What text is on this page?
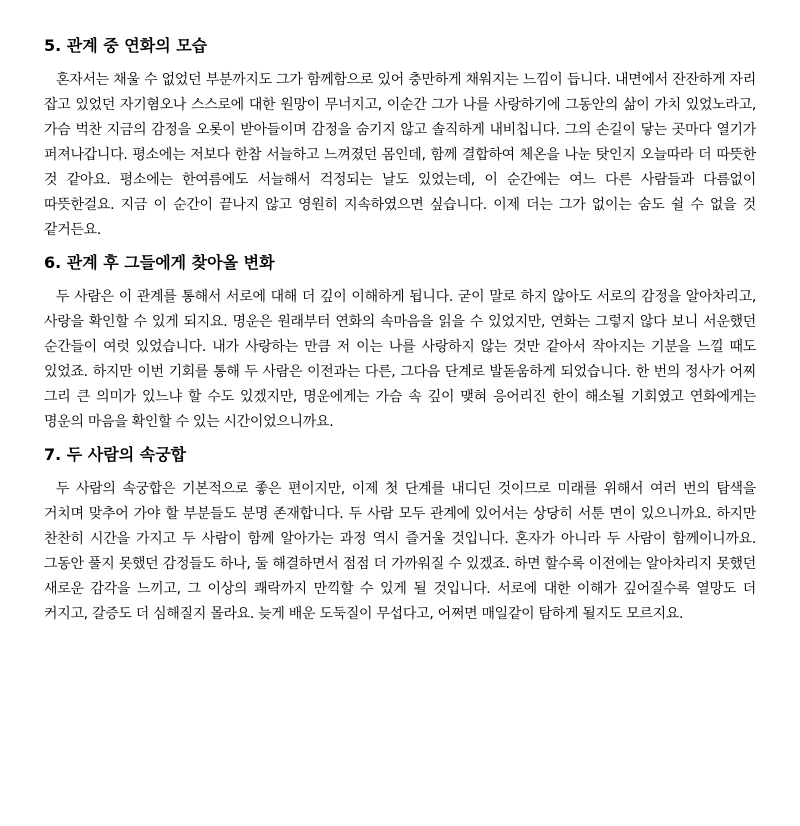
5. 관계 중 연화의 모습

혼자서는 채울 수 없었던 부분까지도 그가 함께함으로 있어 충만하게 채워지는 느낌이 듭니다. 내면에서 잔잔하게 자리 잡고 있었던 자기혐오나 스스로에 대한 원망이 무너지고, 이순간 그가 나를 사랑하기에 그동안의 삶이 가치 있었노라고, 가슴 벅찬 지금의 감정을 오롯이 받아들이며 감정을 숨기지 않고 솔직하게 내비칩니다. 그의 손길이 닿는 곳마다 열기가 퍼져나갑니다. 평소에는 저보다 한참 서늘하고 느껴졌던 몸인데, 함께 결합하여 체온을 나눈 탓인지 오늘따라 더 따뜻한 것 같아요. 평소에는 한여름에도 서늘해서 걱정되는 날도 있었는데, 이 순간에는 여느 다른 사람들과 다름없이 따뜻한걸요. 지금 이 순간이 끝나지 않고 영원히 지속하였으면 싶습니다. 이제 더는 그가 없이는 숨도 쉴 수 없을 것 같거든요.

6. 관계 후 그들에게 찾아올 변화

두 사람은 이 관계를 통해서 서로에 대해 더 깊이 이해하게 됩니다. 굳이 말로 하지 않아도 서로의 감정을 알아차리고, 사랑을 확인할 수 있게 되지요. 명운은 원래부터 연화의 속마음을 읽을 수 있었지만, 연화는 그렇지 않다 보니 서운했던 순간들이 여럿 있었습니다. 내가 사랑하는 만큼 저 이는 나를 사랑하지 않는 것만 같아서 작아지는 기분을 느낄 때도 있었죠. 하지만 이번 기회를 통해 두 사람은 이전과는 다른, 그다음 단계로 발돋움하게 되었습니다. 한 번의 정사가 어찌 그리 큰 의미가 있느냐 할 수도 있겠지만, 명운에게는 가슴 속 깊이 맺혀 응어리진 한이 해소될 기회였고 연화에게는 명운의 마음을 확인할 수 있는 시간이었으니까요.

7. 두 사람의 속궁합

두 사람의 속궁합은 기본적으로 좋은 편이지만, 이제 첫 단계를 내디딘 것이므로 미래를 위해서 여러 번의 탐색을 거치며 맞추어 가야 할 부분들도 분명 존재합니다. 두 사람 모두 관계에 있어서는 상당히 서툰 면이 있으니까요. 하지만 찬찬히 시간을 가지고 두 사람이 함께 알아가는 과정 역시 즐거울 것입니다. 혼자가 아니라 두 사람이 함께이니까요. 그동안 풀지 못했던 감정들도 하나, 둘 해결하면서 점점 더 가까워질 수 있겠죠. 하면 할수록 이전에는 알아차리지 못했던 새로운 감각을 느끼고, 그 이상의 쾌락까지 만끽할 수 있게 될 것입니다. 서로에 대한 이해가 깊어질수록 열망도 더 커지고, 갈증도 더 심해질지 몰라요. 늦게 배운 도둑질이 무섭다고, 어쩌면 매일같이 탐하게 될지도 모르지요.
